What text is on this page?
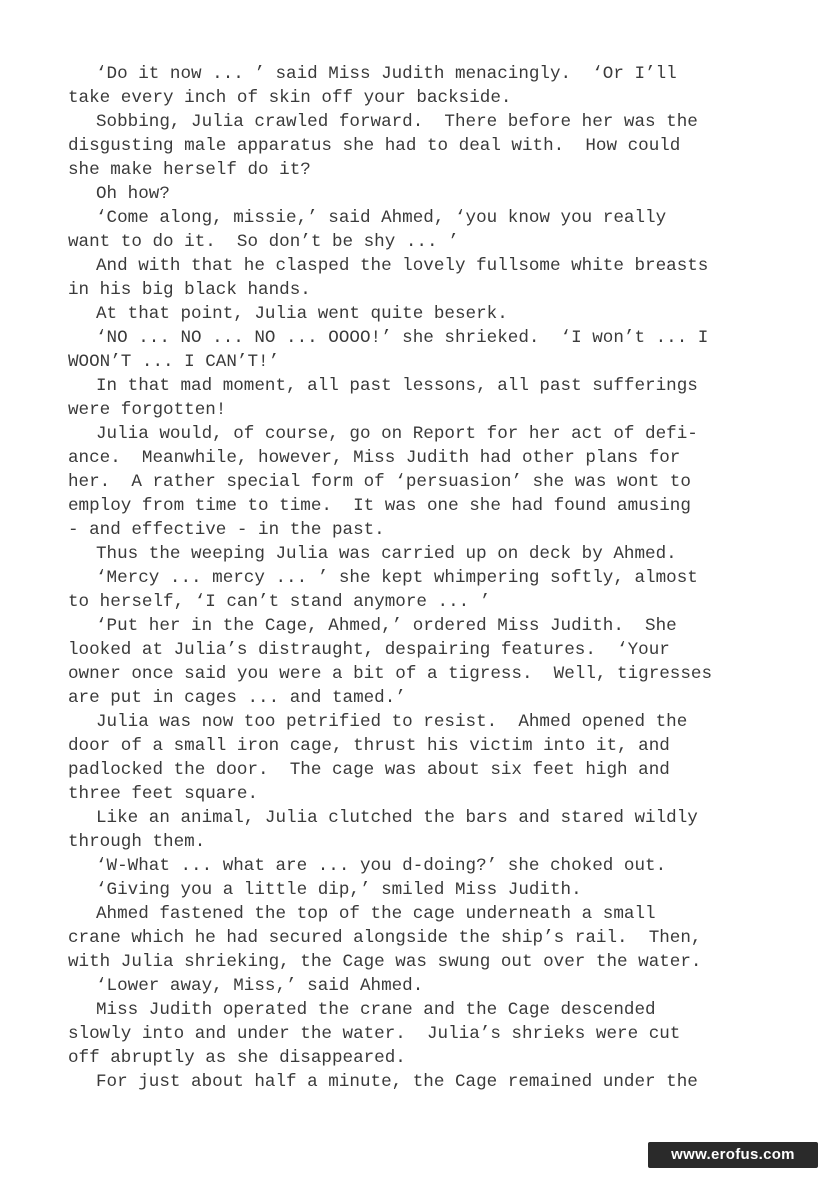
‘Do it now ... ’ said Miss Judith menacingly.  ‘Or I’ll
take every inch of skin off your backside.
Sobbing, Julia crawled forward.  There before her was the
disgusting male apparatus she had to deal with.  How could
she make herself do it?
Oh how?
‘Come along, missie,’ said Ahmed, ‘you know you really
want to do it.  So don’t be shy ... ’
And with that he clasped the lovely fullsome white breasts
in his big black hands.
At that point, Julia went quite beserk.
‘NO ... NO ... NO ... OOOO!’ she shrieked.  ‘I won’t ... I
WOON’T ... I CAN’T!’
In that mad moment, all past lessons, all past sufferings
were forgotten!
Julia would, of course, go on Report for her act of defi-
ance.  Meanwhile, however, Miss Judith had other plans for
her.  A rather special form of ‘persuasion’ she was wont to
employ from time to time.  It was one she had found amusing
- and effective - in the past.
Thus the weeping Julia was carried up on deck by Ahmed.
‘Mercy ... mercy ... ’ she kept whimpering softly, almost
to herself, ‘I can’t stand anymore ... ’
‘Put her in the Cage, Ahmed,’ ordered Miss Judith.  She
looked at Julia’s distraught, despairing features.  ‘Your
owner once said you were a bit of a tigress.  Well, tigresses
are put in cages ... and tamed.’
Julia was now too petrified to resist.  Ahmed opened the
door of a small iron cage, thrust his victim into it, and
padlocked the door.  The cage was about six feet high and
three feet square.
Like an animal, Julia clutched the bars and stared wildly
through them.
‘W-What ... what are ... you d-doing?’ she choked out.
‘Giving you a little dip,’ smiled Miss Judith.
Ahmed fastened the top of the cage underneath a small
crane which he had secured alongside the ship’s rail.  Then,
with Julia shrieking, the Cage was swung out over the water.
‘Lower away, Miss,’ said Ahmed.
Miss Judith operated the crane and the Cage descended
slowly into and under the water.  Julia’s shrieks were cut
off abruptly as she disappeared.
For just about half a minute, the Cage remained under the
www.erofus.com
